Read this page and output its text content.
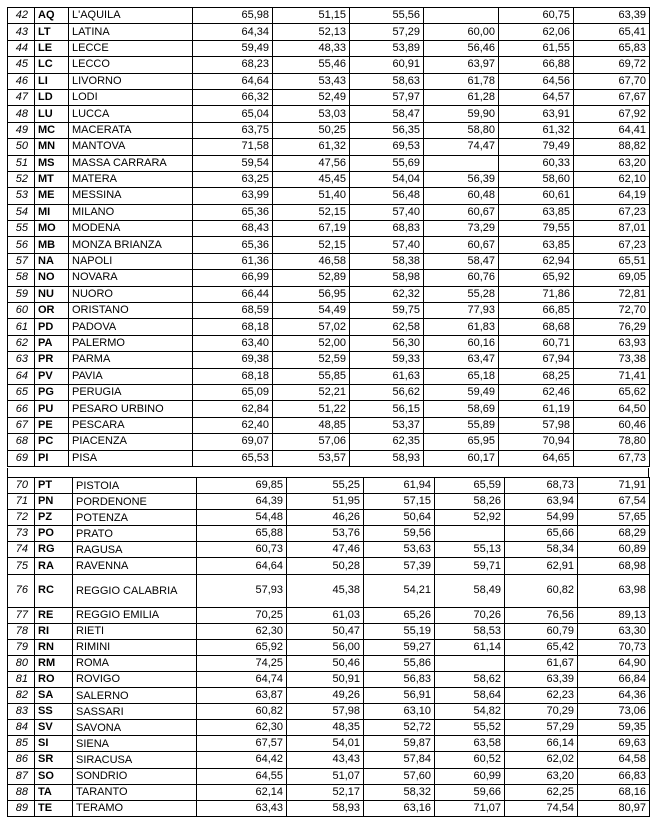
42	AQ	L'AQUILA	65,98	51,15	55,56		60,75	63,39
43	LT	LATINA	64,34	52,13	57,29	60,00	62,06	65,41
44	LE	LECCE	59,49	48,33	53,89	56,46	61,55	65,83
45	LC	LECCO	68,23	55,46	60,91	63,97	66,88	69,72
46	LI	LIVORNO	64,64	53,43	58,63	61,78	64,56	67,70
47	LD	LODI	66,32	52,49	57,97	61,28	64,57	67,67
48	LU	LUCCA	65,04	53,03	58,47	59,90	63,91	67,92
49	MC	MACERATA	63,75	50,25	56,35	58,80	61,32	64,41
50	MN	MANTOVA	71,58	61,32	69,53	74,47	79,49	88,82
51	MS	MASSA CARRARA	59,54	47,56	55,69		60,33	63,20
52	MT	MATERA	63,25	45,45	54,04	56,39	58,60	62,10
53	ME	MESSINA	63,99	51,40	56,48	60,48	60,61	64,19
54	MI	MILANO	65,36	52,15	57,40	60,67	63,85	67,23
55	MO	MODENA	68,43	67,19	68,83	73,29	79,55	87,01
56	MB	MONZA BRIANZA	65,36	52,15	57,40	60,67	63,85	67,23
57	NA	NAPOLI	61,36	46,58	58,38	58,47	62,94	65,51
58	NO	NOVARA	66,99	52,89	58,98	60,76	65,92	69,05
59	NU	NUORO	66,44	56,95	62,32	55,28	71,86	72,81
60	OR	ORISTANO	68,59	54,49	59,75	77,93	66,85	72,70
61	PD	PADOVA	68,18	57,02	62,58	61,83	68,68	76,29
62	PA	PALERMO	63,40	52,00	56,30	60,16	60,71	63,93
63	PR	PARMA	69,38	52,59	59,33	63,47	67,94	73,38
64	PV	PAVIA	68,18	55,85	61,63	65,18	68,25	71,41
65	PG	PERUGIA	65,09	52,21	56,62	59,49	62,46	65,62
66	PU	PESARO URBINO	62,84	51,22	56,15	58,69	61,19	64,50
67	PE	PESCARA	62,40	48,85	53,37	55,89	57,98	60,46
68	PC	PIACENZA	69,07	57,06	62,35	65,95	70,94	78,80
69	PI	PISA	65,53	53,57	58,93	60,17	64,65	67,73
70	PT	PISTOIA	69,85	55,25	61,94	65,59	68,73	71,91
71	PN	PORDENONE	64,39	51,95	57,15	58,26	63,94	67,54
72	PZ	POTENZA	54,48	46,26	50,64	52,92	54,99	57,65
73	PO	PRATO	65,88	53,76	59,56		65,66	68,29
74	RG	RAGUSA	60,73	47,46	53,63	55,13	58,34	60,89
75	RA	RAVENNA	64,64	50,28	57,39	59,71	62,91	68,98
76	RC	REGGIO CALABRIA	57,93	45,38	54,21	58,49	60,82	63,98
77	RE	REGGIO EMILIA	70,25	61,03	65,26	70,26	76,56	89,13
78	RI	RIETI	62,30	50,47	55,19	58,53	60,79	63,30
79	RN	RIMINI	65,92	56,00	59,27	61,14	65,42	70,73
80	RM	ROMA	74,25	50,46	55,86		61,67	64,90
81	RO	ROVIGO	64,74	50,91	56,83	58,62	63,39	66,84
82	SA	SALERNO	63,87	49,26	56,91	58,64	62,23	64,36
83	SS	SASSARI	60,82	57,98	63,10	54,82	70,29	73,06
84	SV	SAVONA	62,30	48,35	52,72	55,52	57,29	59,35
85	SI	SIENA	67,57	54,01	59,87	63,58	66,14	69,63
86	SR	SIRACUSA	64,42	43,43	57,84	60,52	62,02	64,58
87	SO	SONDRIO	64,55	51,07	57,60	60,99	63,20	66,83
88	TA	TARANTO	62,14	52,17	58,32	59,66	62,25	68,16
89	TE	TERAMO	63,43	58,93	63,16	71,07	74,54	80,97
